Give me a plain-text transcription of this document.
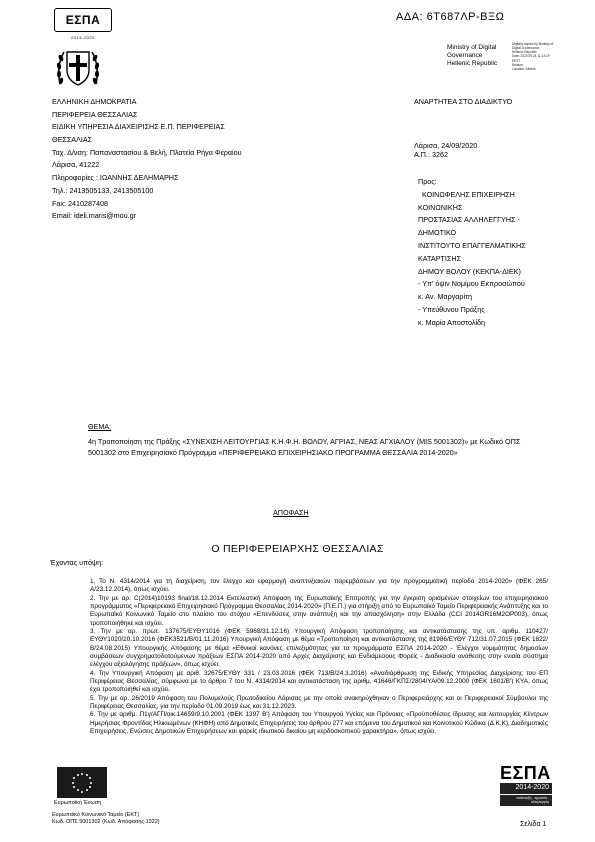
ΕΣΠΑ
2014-2020
ΑΔΑ: 6Τ687ΛΡ-ΒΞΩ
Ministry of Digital
Governance
Hellenic Republic
Digitally signed by Ministry of
Digital Governance,
Hellenic Republic
Date: 2020.09.24 11:13:19
EEST
Reason:
Location: Athens
ΕΛΛΗΝΙΚΗ ΔΗΜΟΚΡΑΤΙΑ
ΠΕΡΙΦΕΡΕΙΑ ΘΕΣΣΑΛΙΑΣ
ΕΙΔΙΚΗ ΥΠΗΡΕΣΙΑ ΔΙΑΧΕΙΡΙΣΗΣ Ε.Π. ΠΕΡΙΦΕΡΕΙΑΣ
ΘΕΣΣΑΛΙΑΣ
Ταχ. Δ/νση: Παπαναστασίου & Βελή, Πλατεία Ρήγα Φεραίου
Λάρισα, 41222
Πληροφορίες : ΙΩΑΝΝΗΣ ΔΕΛΗΜΑΡΗΣ
Τηλ.: 2413505133, 2413505100
Fax: 2410287408
Email: ideli.maris@mou.gr
ΑΝΑΡΤΗΤΕΑ ΣΤΟ ΔΙΑΔΙΚΤΥΟ
Λάρισα, 24/09/2020
Α.Π.: 3262
Προς:
ΚΟΙΝΩΦΕΛΗΣ ΕΠΙΧΕΙΡΗΣΗ
ΚΟΙΝΩΝΙΚΗΣ
ΠΡΟΣΤΑΣΙΑΣ ΑΛΛΗΛΕΓΓΥΗΣ -
ΔΗΜΟΤΙΚΟ
ΙΝΣΤΙΤΟΥΤΟ ΕΠΑΓΓΕΛΜΑΤΙΚΗΣ
ΚΑΤΑΡΤΙΣΗΣ
ΔΗΜΟΥ ΒΟΛΟΥ (ΚΕΚΠΑ-ΔΙΕΚ)
- Υπ' όψιν Νομίμου Εκπροσώπου
κ. Αν. Μαργαρίτη
- Υπεύθυνου Πράξης
κ. Μαρία Αποστολίδη
ΘΕΜΑ:
4η Τροποποίηση της Πράξης «ΣΥΝΕΧΙΣΗ ΛΕΙΤΟΥΡΓΙΑΣ Κ.Η.Φ.Η. ΒΟΛΟΥ, ΑΓΡΙΑΣ, ΝΕΑΣ ΑΓΧΙΑΛΟΥ (MIS 5001302)» με Κωδικό ΟΠΣ 5001302 στο Επιχειρησιακό Πρόγραμμα «ΠΕΡΙΦΕΡΕΙΑΚΟ ΕΠΙΧΕΙΡΗΣΙΑΚΟ ΠΡΟΓΡΑΜΜΑ ΘΕΣΣΑΛΙΑ 2014-2020»
ΑΠΟΦΑΣΗ
Ο ΠΕΡΙΦΕΡΕΙΑΡΧΗΣ ΘΕΣΣΑΛΙΑΣ
Έχοντας υπόψη:

1. Το Ν. 4314/2014 για τη διαχείριση, τον έλεγχο και εφαρμογή αναπτυξιακών παρεμβάσεων για την προγραμματική περίοδο 2014-2020» (ΦΕΚ 265/Α/23.12.2014), όπως ισχύει.

2. Την με αρ. C(2014)10193 final/18.12.2014 Εκτελεστική Απόφαση της Ευρωπαϊκής Επιτροπής για την έγκριση ορισμένων στοιχείων του επιχειρησιακού προγράμματος «Περιφερειακό Επιχειρησιακό Πρόγραμμα Θεσσαλίας 2014-2020» (Π.Ε.Π.) για στήριξη από το Ευρωπαϊκό Ταμείο Περιφερειακής Ανάπτυξης και το Ευρωπαϊκό Κοινωνικό Ταμείο στο πλαίσιο του στόχου «Επενδύσεις στην ανάπτυξη και την απασχόληση» στην Ελλάδα (CCI 2014GR16M2OP003), όπως τροποποιήθηκε και ισχύει.

3. Την με αρ. πρωτ. 137675/ΕΥΘΥ1016 (ΦΕΚ 5968/31.12.16) Υπουργική Απόφαση τροποποίησης και αντικατάστασης της υπ. αριθμ. 110427/ΕΥΘΥ1020/20.10.2016 (ΦΕΚ3521/Β/01.11.2016) Υπουργική Απόφαση με θέμα «Τροποποίηση και αντικατάστασης της 81986/ΕΥΘΥ 712/31.07.2015 (ΦΕΚ 1822/Β/24.08.2015) Υπουργικής Απόφασης με θέμα «Εθνικοί κανόνες επιλεξιμότητας για τα προγράμματα ΕΣΠΑ 2014-2020 - Έλεγχοι νομιμότητας δημοσίων συμβάσεων συγχρηματοδοτούμενων πράξεων ΕΣΠΑ 2014-2020 από Αρχές Διαχείρισης και Ενδιάμεσους Φορείς - Διαδικασία ανάθεσης στην ενιαία σύστημα ελέγχου αξιολόγησης πράξεων», όπως ισχύει.

4. Την Υπουργική Απόφαση με αριθ. 32675/ΕΥΘΥ 331 / 23.03.2016 (ΦΕΚ 713/Β/24.3.2016) «Αναδιάρθρωση της Ειδικής Υπηρεσίας Διαχείρισης του ΕΠ Περιφέρειας Θεσσαλίας, σύμφωνα με το άρθρο 7 του Ν. 4314/2014 και αντικατάσταση της αριθμ. 41646/ΓΚΠΣ/2804/ΥΑ/09.12.2000 (ΦΕΚ 1601/Β') ΚΥΑ, όπως έχει τροποποιηθεί και ισχύει.

5. Την με αρ. 26/2019 Απόφαση του Πολυμελούς Πρωτοδικείου Λάρισας με την οποία ανακηρύχθηκαν ο Περιφερειάρχης και οι Περιφερειακοί Σύμβουλοι της Περιφέρειας Θεσσαλίας, για την περίοδο 01.09.2019 έως και 31.12.2023.

6. Την με αριθμ. Π1γ/ΑΓΠ/οικ.14659/9.10.2001 (ΦΕΚ 1397 Β') Απόφαση του Υπουργού Υγείας και Πρόνοιας «Προϋποθέσεις ίδρυσης και λειτουργίας Κέντρων Ημερήσιας Φροντίδας Ηλικιωμένων (ΚΗΦΗ) από Δημοτικές Επιχειρήσεις του άρθρου 277 και επόμενα του Δημοτικού και Κοινοτικού Κώδικα (Δ.Κ.Κ), Διαδημοτικές Επιχειρήσεις, Ενώσεις Δημοτικών Επιχειρήσεων και φορείς ιδιωτικού δικαίου μη κερδοσκοπικού χαρακτήρα», όπως ισχύει.

Ευρωπαϊκή Ένωση
ΕΣΠΑ
2014-2020
ανάπτυξη - εργασία - αλληλεγγύη
Ευρωπαϊκό Κοινωνικό Ταμείο (ΕΚΤ)
Κωδ. ΟΠΣ 5001302 (Κωδ. Απόφασης 1322)	Σελίδα 1
